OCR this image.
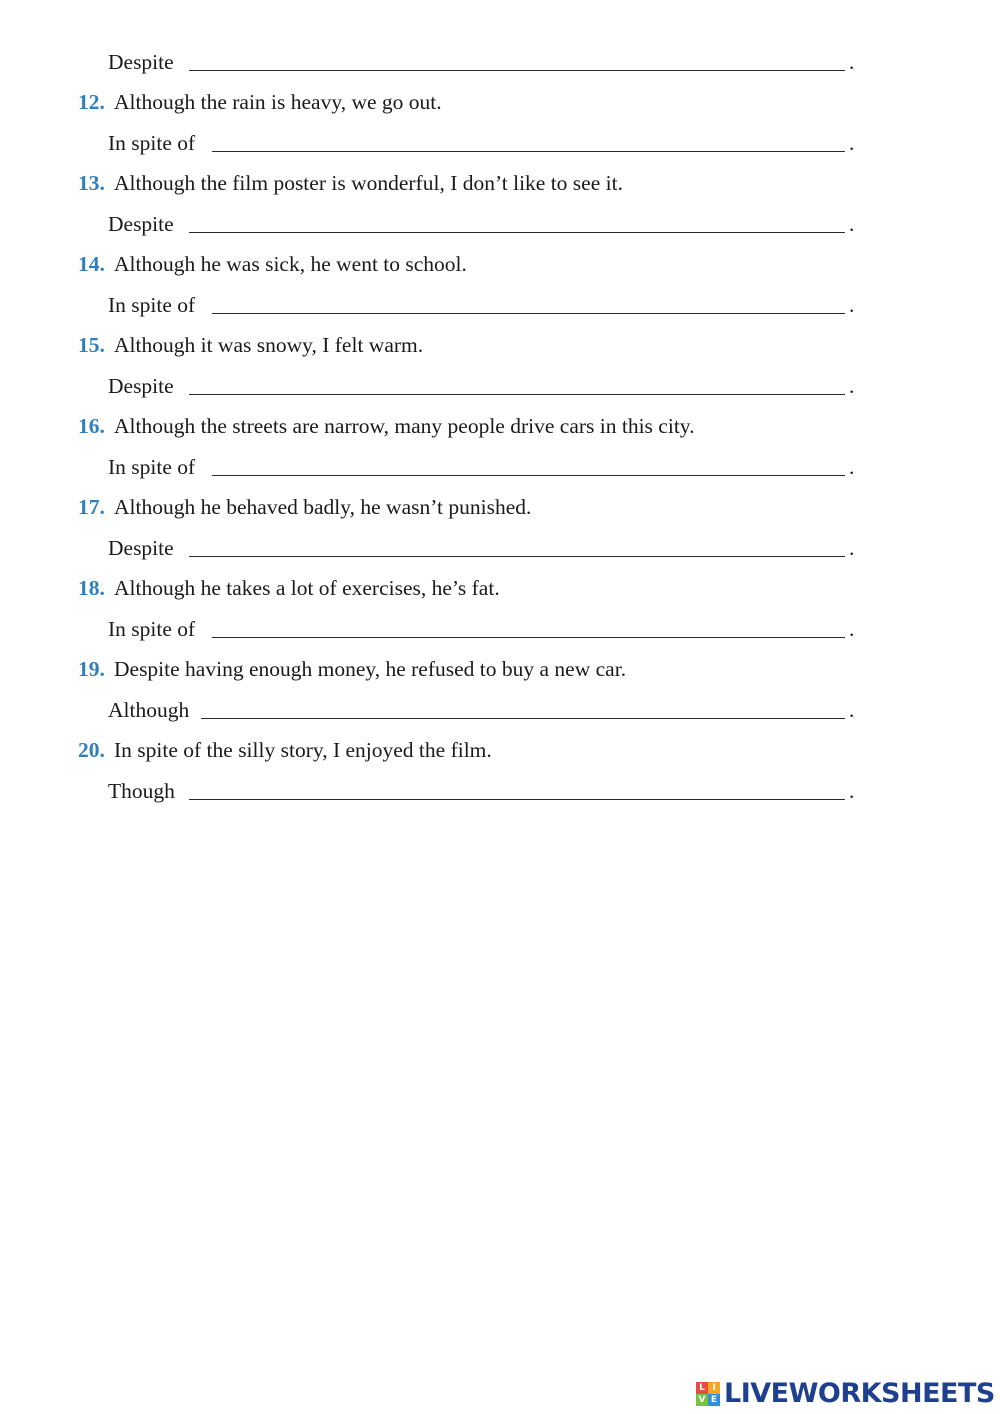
Despite	.
12. Although the rain is heavy, we go out.
In spite of	.
13. Although the film poster is wonderful, I don’t like to see it.
Despite	.
14. Although he was sick, he went to school.
In spite of	.
15. Although it was snowy, I felt warm.
Despite	.
16. Although the streets are narrow, many people drive cars in this city.
In spite of	.
17. Although he behaved badly, he wasn’t punished.
Despite	.
18. Although he takes a lot of exercises, he’s fat.
In spite of	.
19. Despite having enough money, he refused to buy a new car.
Although	.
20. In spite of the silly story, I enjoyed the film.
Though	.
L I
V E LIVEWORKSHEETS
